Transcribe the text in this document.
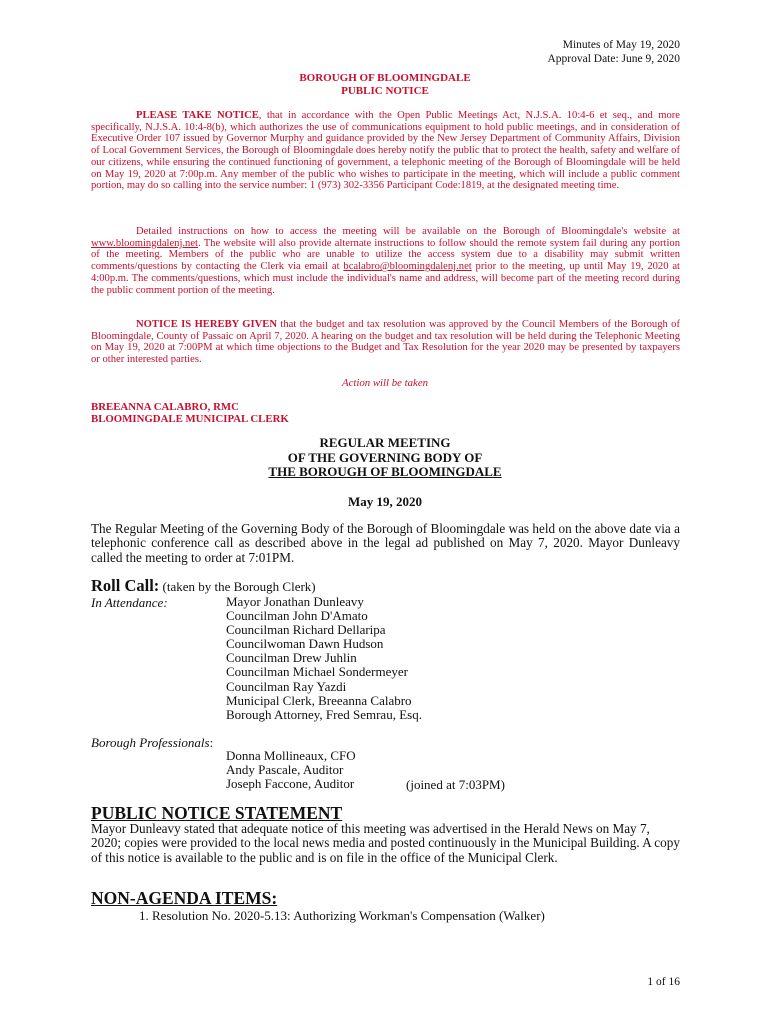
Minutes of May 19, 2020
Approval Date: June 9, 2020
BOROUGH OF BLOOMINGDALE
PUBLIC NOTICE
PLEASE TAKE NOTICE, that in accordance with the Open Public Meetings Act, N.J.S.A. 10:4-6 et seq., and more specifically, N.J.S.A. 10:4-8(b), which authorizes the use of communications equipment to hold public meetings, and in consideration of Executive Order 107 issued by Governor Murphy and guidance provided by the New Jersey Department of Community Affairs, Division of Local Government Services, the Borough of Bloomingdale does hereby notify the public that to protect the health, safety and welfare of our citizens, while ensuring the continued functioning of government, a telephonic meeting of the Borough of Bloomingdale will be held on May 19, 2020 at 7:00p.m. Any member of the public who wishes to participate in the meeting, which will include a public comment portion, may do so calling into the service number: 1 (973) 302-3356 Participant Code:1819, at the designated meeting time.
Detailed instructions on how to access the meeting will be available on the Borough of Bloomingdale's website at www.bloomingdalenj.net. The website will also provide alternate instructions to follow should the remote system fail during any portion of the meeting. Members of the public who are unable to utilize the access system due to a disability may submit written comments/questions by contacting the Clerk via email at bcalabro@bloomingdalenj.net prior to the meeting, up until May 19, 2020 at 4:00p.m. The comments/questions, which must include the individual's name and address, will become part of the meeting record during the public comment portion of the meeting.
NOTICE IS HEREBY GIVEN that the budget and tax resolution was approved by the Council Members of the Borough of Bloomingdale, County of Passaic on April 7, 2020. A hearing on the budget and tax resolution will be held during the Telephonic Meeting on May 19, 2020 at 7:00PM at which time objections to the Budget and Tax Resolution for the year 2020 may be presented by taxpayers or other interested parties.
Action will be taken
BREEANNA CALABRO, RMC
BLOOMINGDALE MUNICIPAL CLERK
REGULAR MEETING
OF THE GOVERNING BODY OF
THE BOROUGH OF BLOOMINGDALE
May 19, 2020
The Regular Meeting of the Governing Body of the Borough of Bloomingdale was held on the above date via a telephonic conference call as described above in the legal ad published on May 7, 2020. Mayor Dunleavy called the meeting to order at 7:01PM.
Roll Call: (taken by the Borough Clerk)
In Attendance:	Mayor Jonathan Dunleavy
Councilman John D'Amato
Councilman Richard Dellaripa
Councilwoman Dawn Hudson
Councilman Drew Juhlin
Councilman Michael Sondermeyer
Councilman Ray Yazdi
Municipal Clerk, Breeanna Calabro
Borough Attorney, Fred Semrau, Esq.
Borough Professionals:
Donna Mollineaux, CFO
Andy Pascale, Auditor
Joseph Faccone, Auditor	(joined at 7:03PM)
PUBLIC NOTICE STATEMENT
Mayor Dunleavy stated that adequate notice of this meeting was advertised in the Herald News on May 7, 2020; copies were provided to the local news media and posted continuously in the Municipal Building. A copy of this notice is available to the public and is on file in the office of the Municipal Clerk.
NON-AGENDA ITEMS:
1. Resolution No. 2020-5.13: Authorizing Workman's Compensation (Walker)
1 of 16
